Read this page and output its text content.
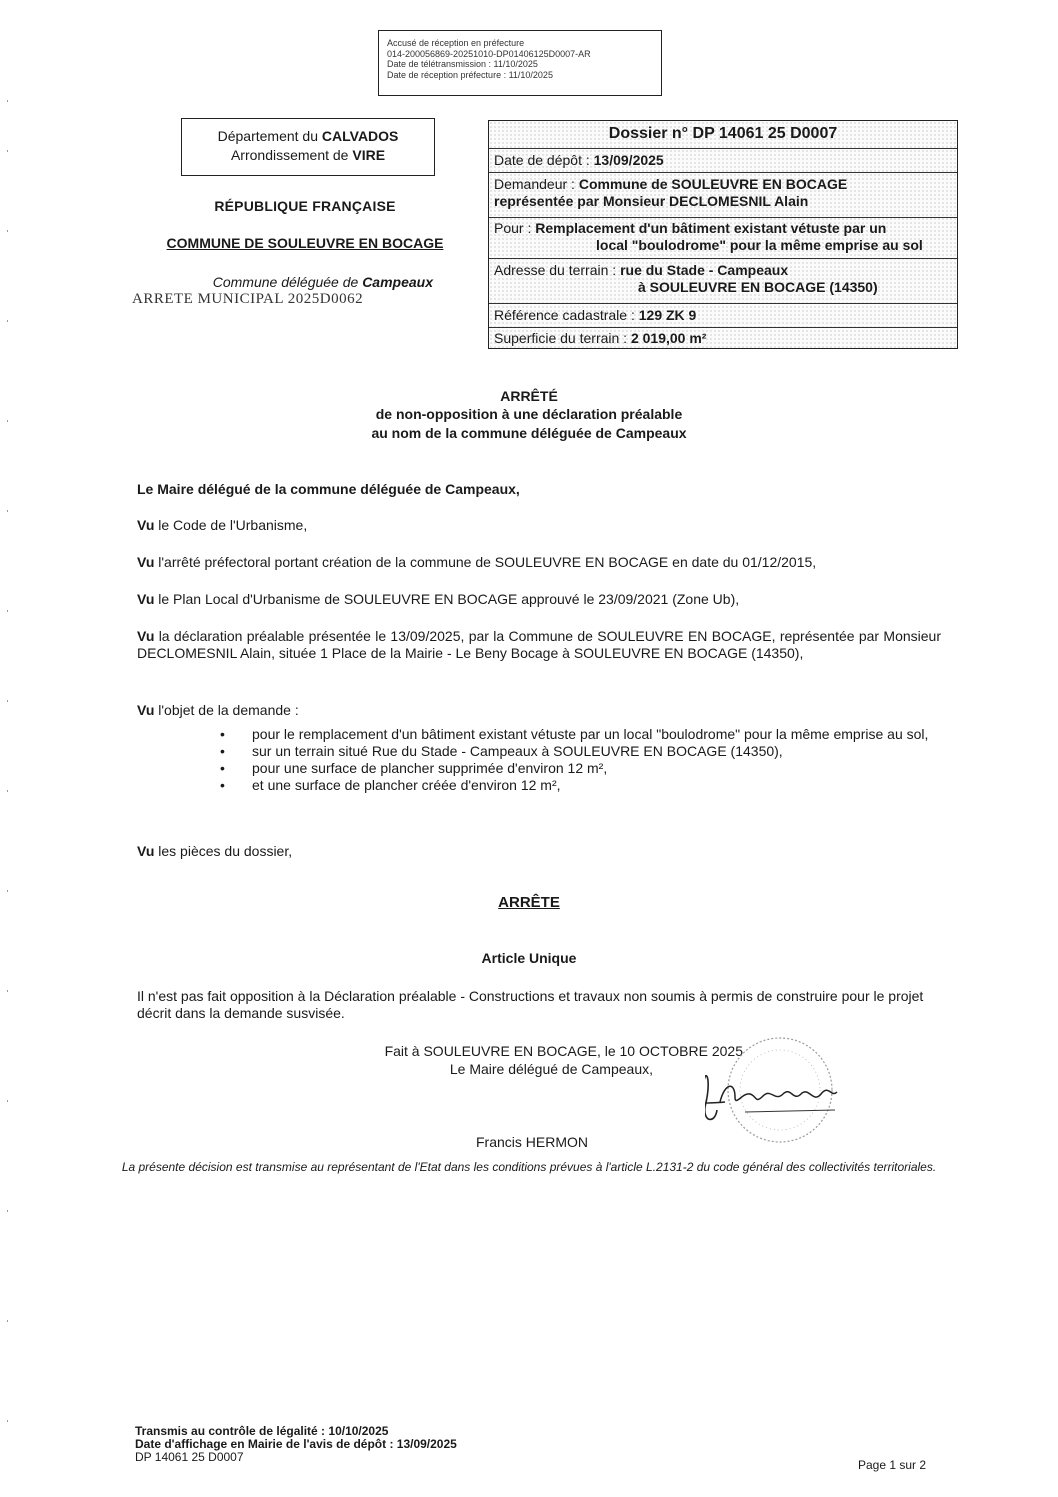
Accusé de réception en préfecture
014-200056869-20251010-DP01406125D0007-AR
Date de télétransmission : 11/10/2025
Date de réception préfecture : 11/10/2025
Département du CALVADOS
Arrondissement de VIRE
RÉPUBLIQUE FRANÇAISE
COMMUNE DE SOULEUVRE EN BOCAGE
Commune déléguée de Campeaux
ARRETE MUNICIPAL 2025D0062
Dossier n° DP 14061 25 D0007
Date de dépôt : 13/09/2025
Demandeur : Commune de SOULEUVRE EN BOCAGE
représentée par Monsieur DECLOMESNIL Alain
Pour : Remplacement d'un bâtiment existant vétuste par un
local "boulodrome" pour la même emprise au sol
Adresse du terrain : rue du Stade - Campeaux
à SOULEUVRE EN BOCAGE (14350)
Référence cadastrale : 129 ZK 9
Superficie du terrain : 2 019,00 m²
ARRÊTÉ
de non-opposition à une déclaration préalable
au nom de la commune déléguée de Campeaux
Le Maire délégué de la commune déléguée de Campeaux,
Vu le Code de l'Urbanisme,
Vu l'arrêté préfectoral portant création de la commune de SOULEUVRE EN BOCAGE en date du 01/12/2015,
Vu le Plan Local d'Urbanisme de SOULEUVRE EN BOCAGE approuvé le 23/09/2021 (Zone Ub),
Vu la déclaration préalable présentée le 13/09/2025, par la Commune de SOULEUVRE EN BOCAGE, représentée par Monsieur DECLOMESNIL Alain, située 1 Place de la Mairie - Le Beny Bocage à SOULEUVRE EN BOCAGE (14350),
Vu l'objet de la demande :
• pour le remplacement d'un bâtiment existant vétuste par un local "boulodrome" pour la même emprise au sol,
• sur un terrain situé Rue du Stade - Campeaux à SOULEUVRE EN BOCAGE (14350),
• pour une surface de plancher supprimée d'environ 12 m²,
• et une surface de plancher créée d'environ 12 m²,
Vu les pièces du dossier,
ARRÊTE
Article Unique
Il n'est pas fait opposition à la Déclaration préalable - Constructions et travaux non soumis à permis de construire pour le projet décrit dans la demande susvisée.
Fait à SOULEUVRE EN BOCAGE, le 10 OCTOBRE 2025
Le Maire délégué de Campeaux,
Francis HERMON
La présente décision est transmise au représentant de l'Etat dans les conditions prévues à l'article L.2131-2 du code général des collectivités territoriales.
Transmis au contrôle de légalité : 10/10/2025
Date d'affichage en Mairie de l'avis de dépôt : 13/09/2025
DP 14061 25 D0007
Page 1 sur 2
